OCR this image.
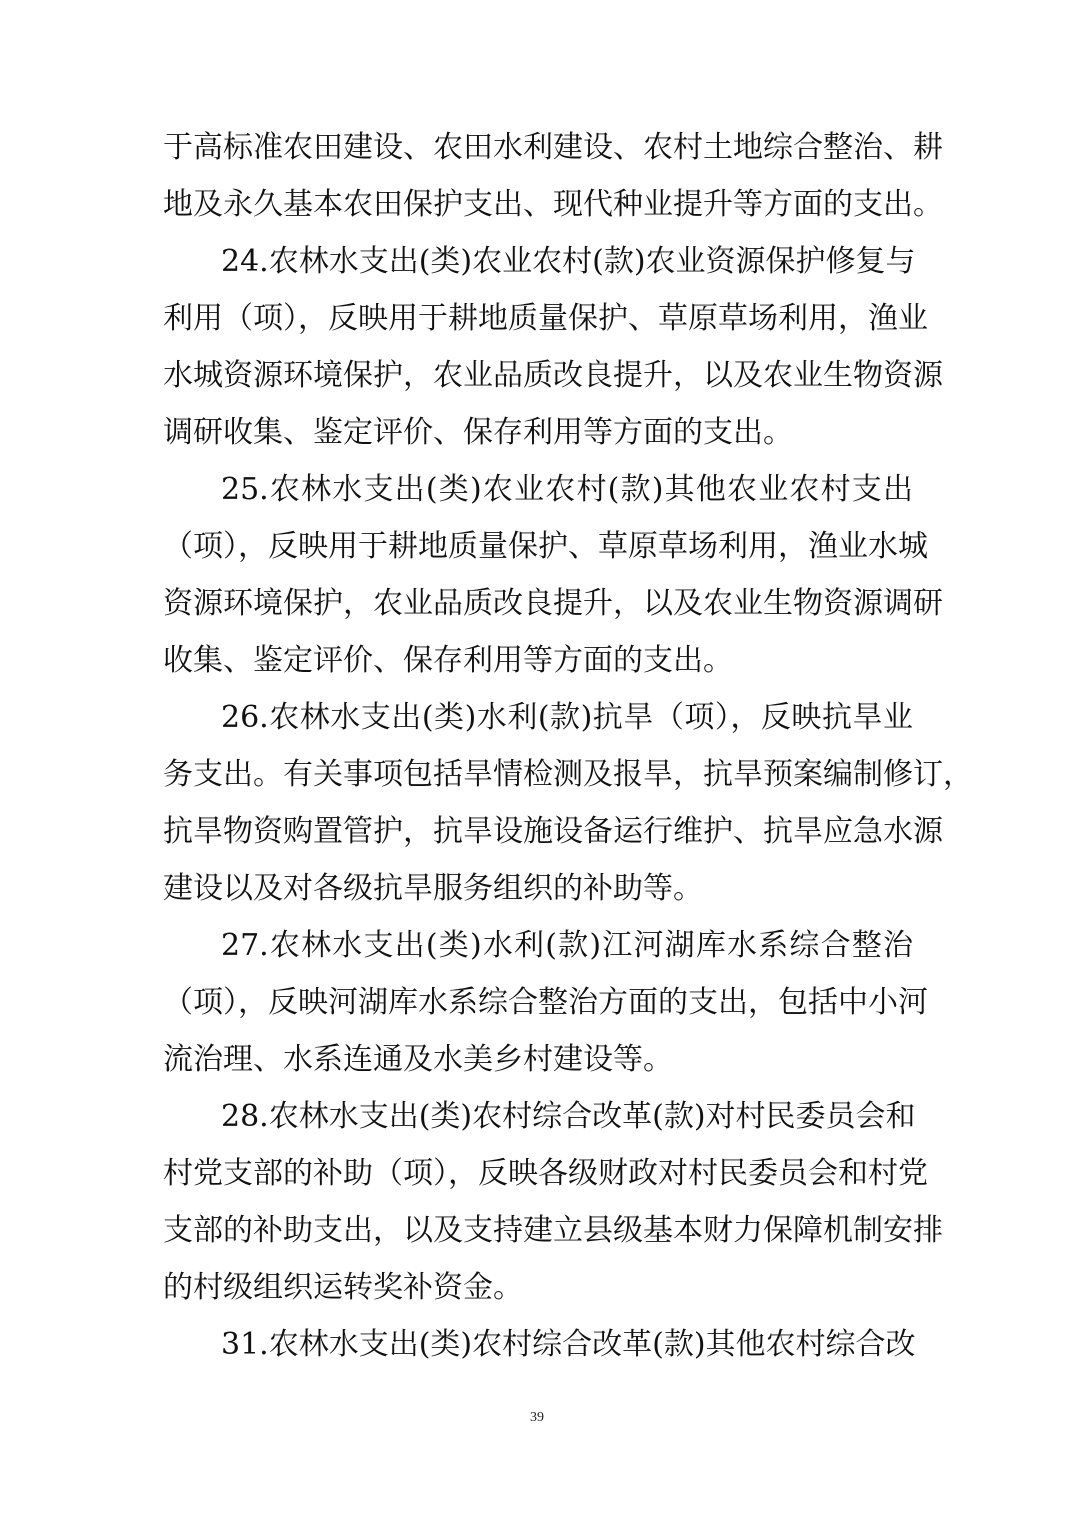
于高标准农田建设、农田水利建设、农村土地综合整治、耕
地及永久基本农田保护支出、现代种业提升等方面的支出。
24.农林水支出(类)农业农村(款)农业资源保护修复与
利用（项），反映用于耕地质量保护、草原草场利用，渔业
水城资源环境保护，农业品质改良提升，以及农业生物资源
调研收集、鉴定评价、保存利用等方面的支出。
25.农林水支出(类)农业农村(款)其他农业农村支出
（项），反映用于耕地质量保护、草原草场利用，渔业水城
资源环境保护，农业品质改良提升，以及农业生物资源调研
收集、鉴定评价、保存利用等方面的支出。
26.农林水支出(类)水利(款)抗旱（项），反映抗旱业
务支出。有关事项包括旱情检测及报旱，抗旱预案编制修订，
抗旱物资购置管护，抗旱设施设备运行维护、抗旱应急水源
建设以及对各级抗旱服务组织的补助等。
27.农林水支出(类)水利(款)江河湖库水系综合整治
（项），反映河湖库水系综合整治方面的支出，包括中小河
流治理、水系连通及水美乡村建设等。
28.农林水支出(类)农村综合改革(款)对村民委员会和
村党支部的补助（项），反映各级财政对村民委员会和村党
支部的补助支出，以及支持建立县级基本财力保障机制安排
的村级组织运转奖补资金。
31.农林水支出(类)农村综合改革(款)其他农村综合改
39
